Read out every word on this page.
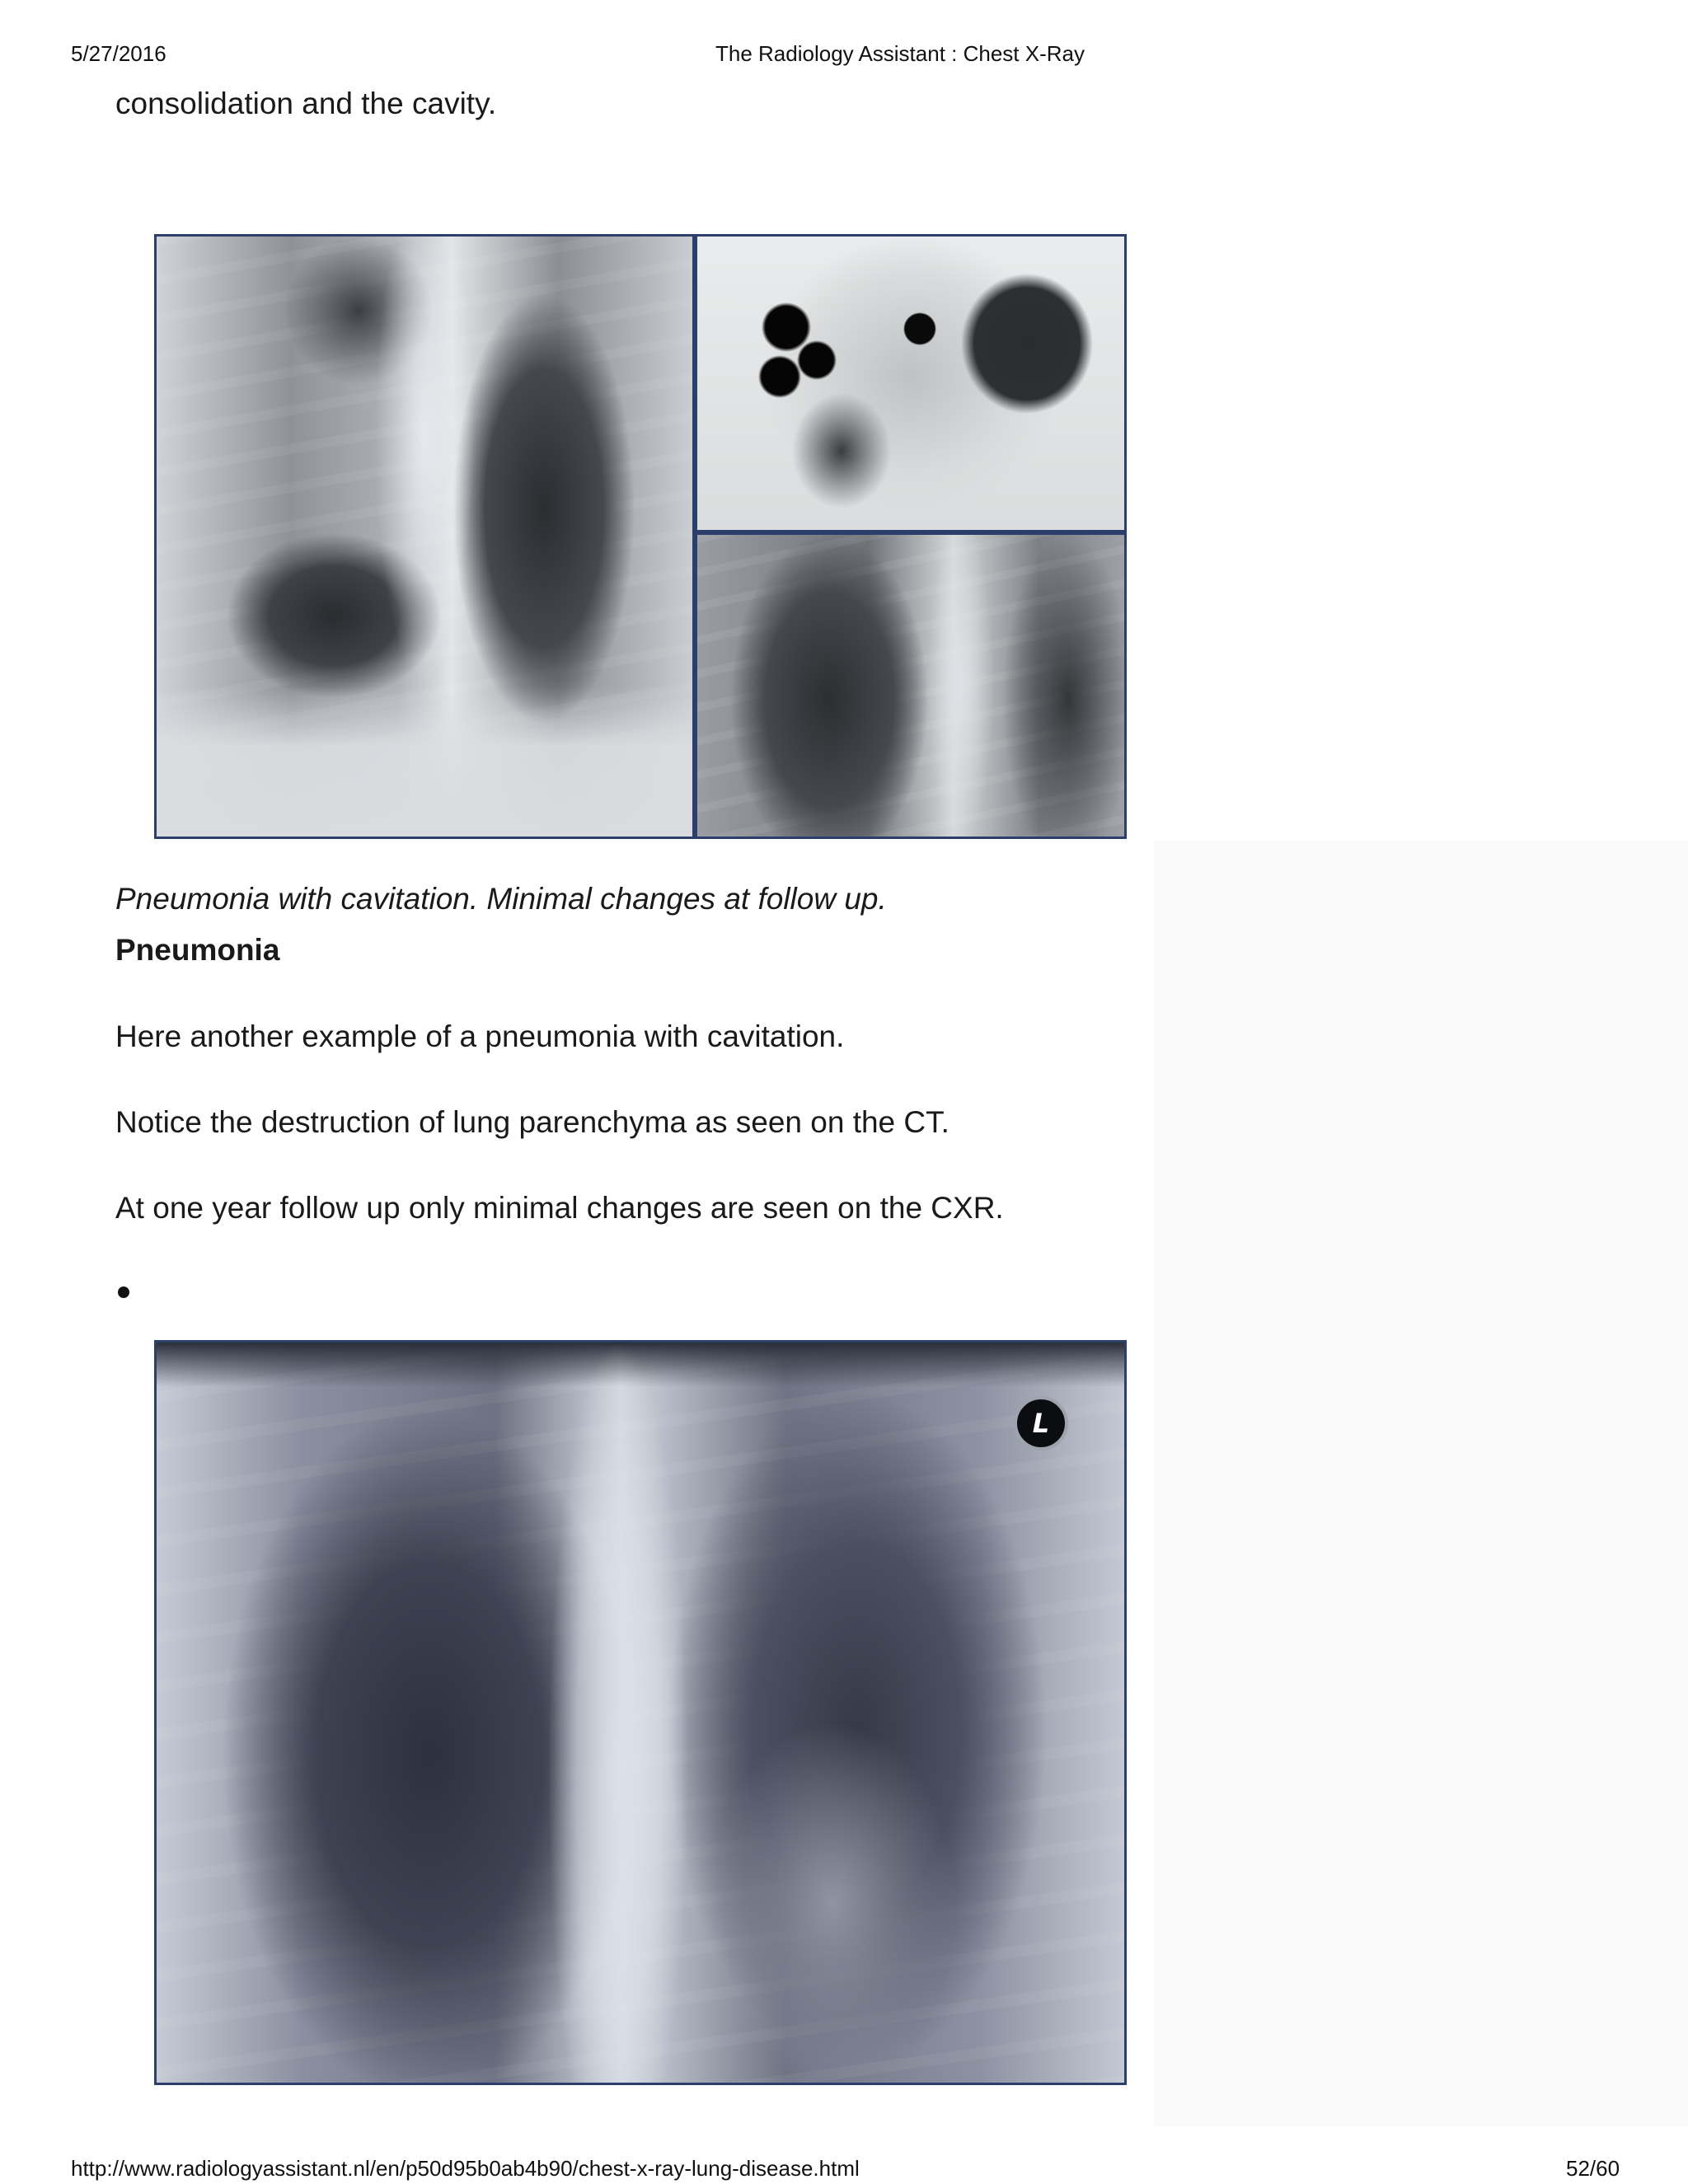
5/27/2016	The Radiology Assistant : Chest X-Ray
consolidation and the cavity.
Pneumonia with cavitation. Minimal changes at follow up.
Pneumonia
Here another example of a pneumonia with cavitation.
Notice the destruction of lung parenchyma as seen on the CT.
At one year follow up only minimal changes are seen on the CXR.
L
http://www.radiologyassistant.nl/en/p50d95b0ab4b90/chest-x-ray-lung-disease.html	52/60
